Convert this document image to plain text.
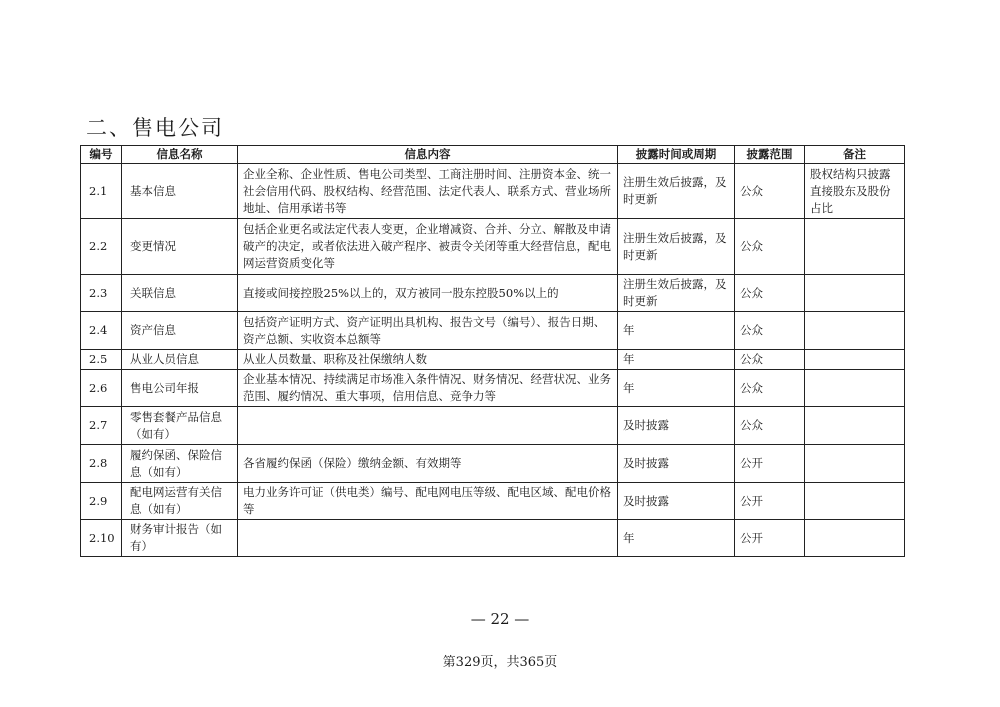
二、售电公司
编号	信息名称	信息内容	披露时间或周期	披露范围	备注
2.1	基本信息	企业全称、企业性质、售电公司类型、工商注册时间、注册资本金、统一社会信用代码、股权结构、经营范围、法定代表人、联系方式、营业场所地址、信用承诺书等	注册生效后披露，及时更新	公众	股权结构只披露直接股东及股份占比
2.2	变更情况	包括企业更名或法定代表人变更，企业增减资、合并、分立、解散及申请破产的决定，或者依法进入破产程序、被责令关闭等重大经营信息，配电网运营资质变化等	注册生效后披露，及时更新	公众	
2.3	关联信息	直接或间接控股25%以上的，双方被同一股东控股50%以上的	注册生效后披露，及时更新	公众	
2.4	资产信息	包括资产证明方式、资产证明出具机构、报告文号（编号）、报告日期、资产总额、实收资本总额等	年	公众	
2.5	从业人员信息	从业人员数量、职称及社保缴纳人数	年	公众	
2.6	售电公司年报	企业基本情况、持续满足市场准入条件情况、财务情况、经营状况、业务范围、履约情况、重大事项，信用信息、竞争力等	年	公众	
2.7	零售套餐产品信息（如有）		及时披露	公众	
2.8	履约保函、保险信息（如有）	各省履约保函（保险）缴纳金额、有效期等	及时披露	公开	
2.9	配电网运营有关信息（如有）	电力业务许可证（供电类）编号、配电网电压等级、配电区域、配电价格等	及时披露	公开	
2.10	财务审计报告（如有）		年	公开	
— 22 —
第329页，共365页
